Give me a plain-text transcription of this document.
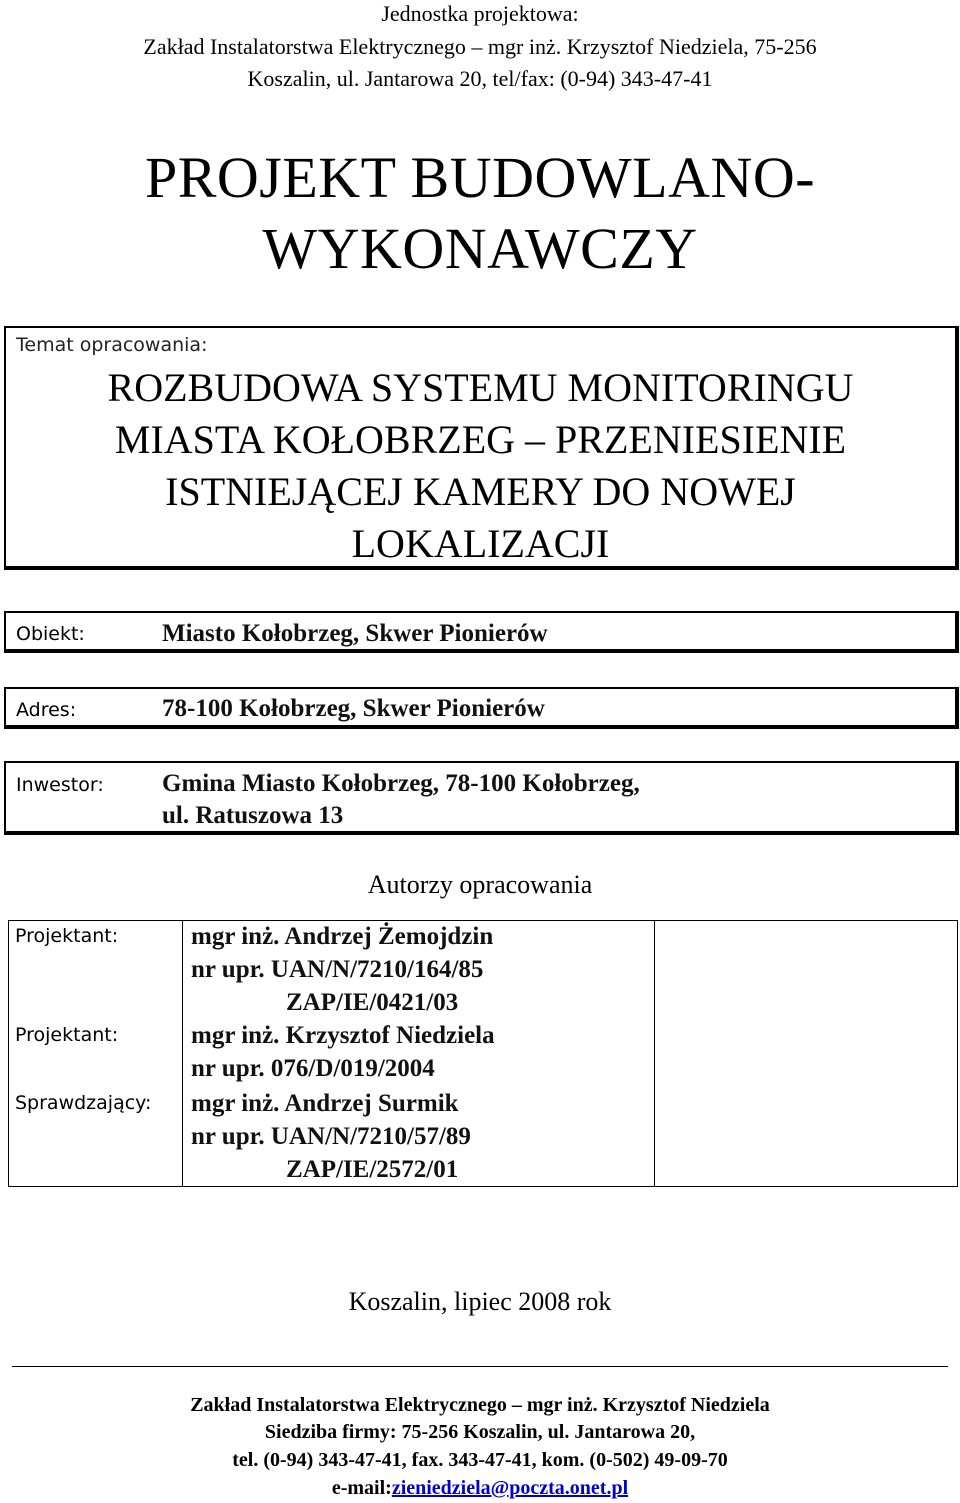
Jednostka projektowa:
Zakład Instalatorstwa Elektrycznego – mgr inż. Krzysztof Niedziela, 75-256
Koszalin, ul. Jantarowa 20, tel/fax: (0-94) 343-47-41
PROJEKT BUDOWLANO-
WYKONAWCZY
Temat opracowania:
ROZBUDOWA SYSTEMU MONITORINGU
MIASTA KOŁOBRZEG – PRZENIESIENIE
ISTNIEJĄCEJ KAMERY DO NOWEJ
LOKALIZACJI
Obiekt:	Miasto Kołobrzeg, Skwer Pionierów
Adres:	78-100 Kołobrzeg, Skwer Pionierów
Inwestor: Gmina Miasto Kołobrzeg, 78-100 Kołobrzeg,
ul. Ratuszowa 13
Autorzy opracowania
Projektant:	mgr inż. Andrzej Żemojdzin
nr upr. UAN/N/7210/164/85
ZAP/IE/0421/03
Projektant:	mgr inż. Krzysztof Niedziela
nr upr. 076/D/019/2004
Sprawdzający: mgr inż. Andrzej Surmik
nr upr. UAN/N/7210/57/89
ZAP/IE/2572/01
Koszalin, lipiec 2008 rok
Zakład Instalatorstwa Elektrycznego – mgr inż. Krzysztof Niedziela
Siedziba firmy: 75-256 Koszalin, ul. Jantarowa 20,
tel. (0-94) 343-47-41, fax. 343-47-41, kom. (0-502) 49-09-70
e-mail:zieniedziela@poczta.onet.pl
